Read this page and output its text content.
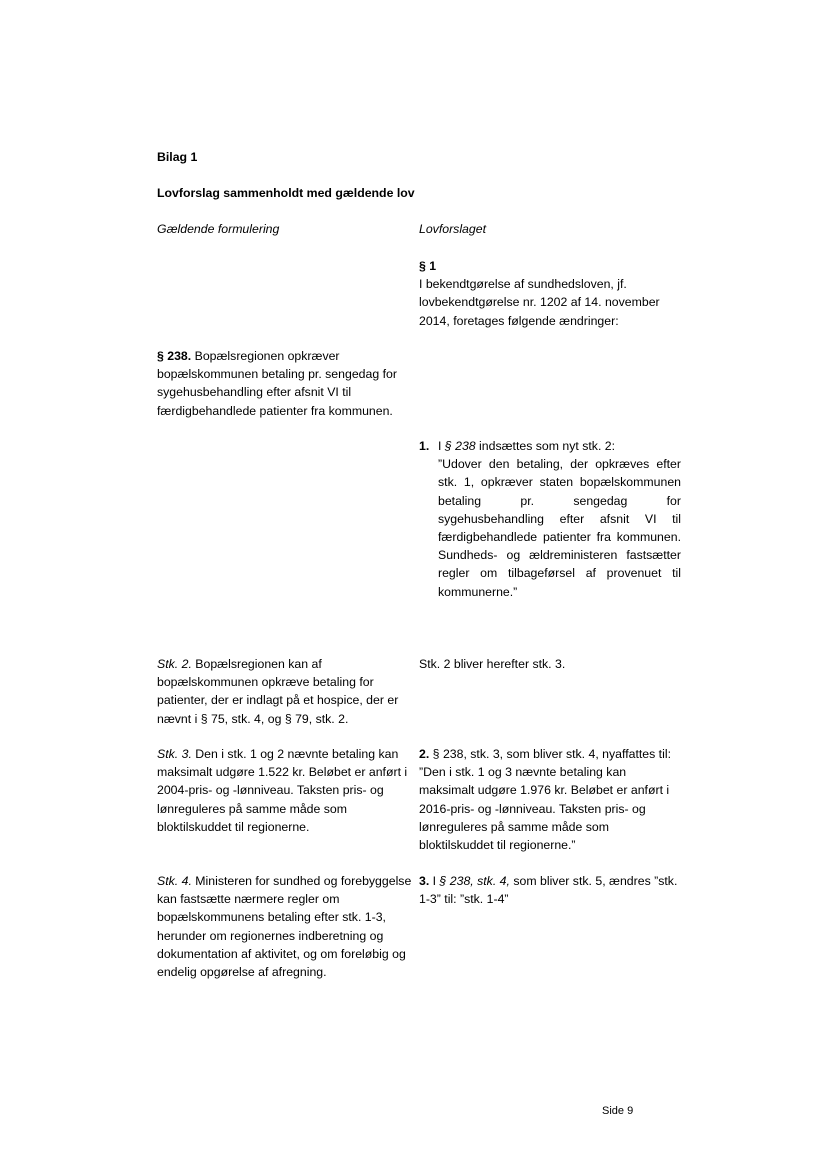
Bilag 1
Lovforslag sammenholdt med gældende lov
Gældende formulering	Lovforslaget
§ 1
I bekendtgørelse af sundhedsloven, jf. lovbekendtgørelse nr. 1202 af 14. november 2014, foretages følgende ændringer:
§ 238. Bopælsregionen opkræver bopælskommunen betaling pr. sengedag for sygehusbehandling efter afsnit VI til færdigbehandlede patienter fra kommunen.
1. I § 238 indsættes som nyt stk. 2:
”Udover den betaling, der opkræves efter stk. 1, opkræver staten bopælskommunen betaling pr. sengedag for sygehusbehandling efter afsnit VI til færdigbehandlede patienter fra kommunen. Sundheds- og ældreministeren fastsætter regler om tilbageførsel af provenuet til kommunerne.”
Stk. 2. Bopælsregionen kan af bopælskommunen opkræve betaling for patienter, der er indlagt på et hospice, der er nævnt i § 75, stk. 4, og § 79, stk. 2.
Stk. 2 bliver herefter stk. 3.
Stk. 3. Den i stk. 1 og 2 nævnte betaling kan maksimalt udgøre 1.522 kr. Beløbet er anført i 2004-pris- og -lønniveau. Taksten pris- og lønreguleres på samme måde som bloktilskuddet til regionerne.
2. § 238, stk. 3, som bliver stk. 4, nyaffattes til: ”Den i stk. 1 og 3 nævnte betaling kan maksimalt udgøre 1.976 kr. Beløbet er anført i 2016-pris- og -lønniveau. Taksten pris- og lønreguleres på samme måde som bloktilskuddet til regionerne.”
Stk. 4. Ministeren for sundhed og forebyggelse kan fastsætte nærmere regler om bopælskommunens betaling efter stk. 1-3, herunder om regionernes indberetning og dokumentation af aktivitet, og om foreløbig og endelig opgørelse af afregning.
3. I § 238, stk. 4, som bliver stk. 5, ændres ”stk. 1-3” til: ”stk. 1-4”
Side 9
